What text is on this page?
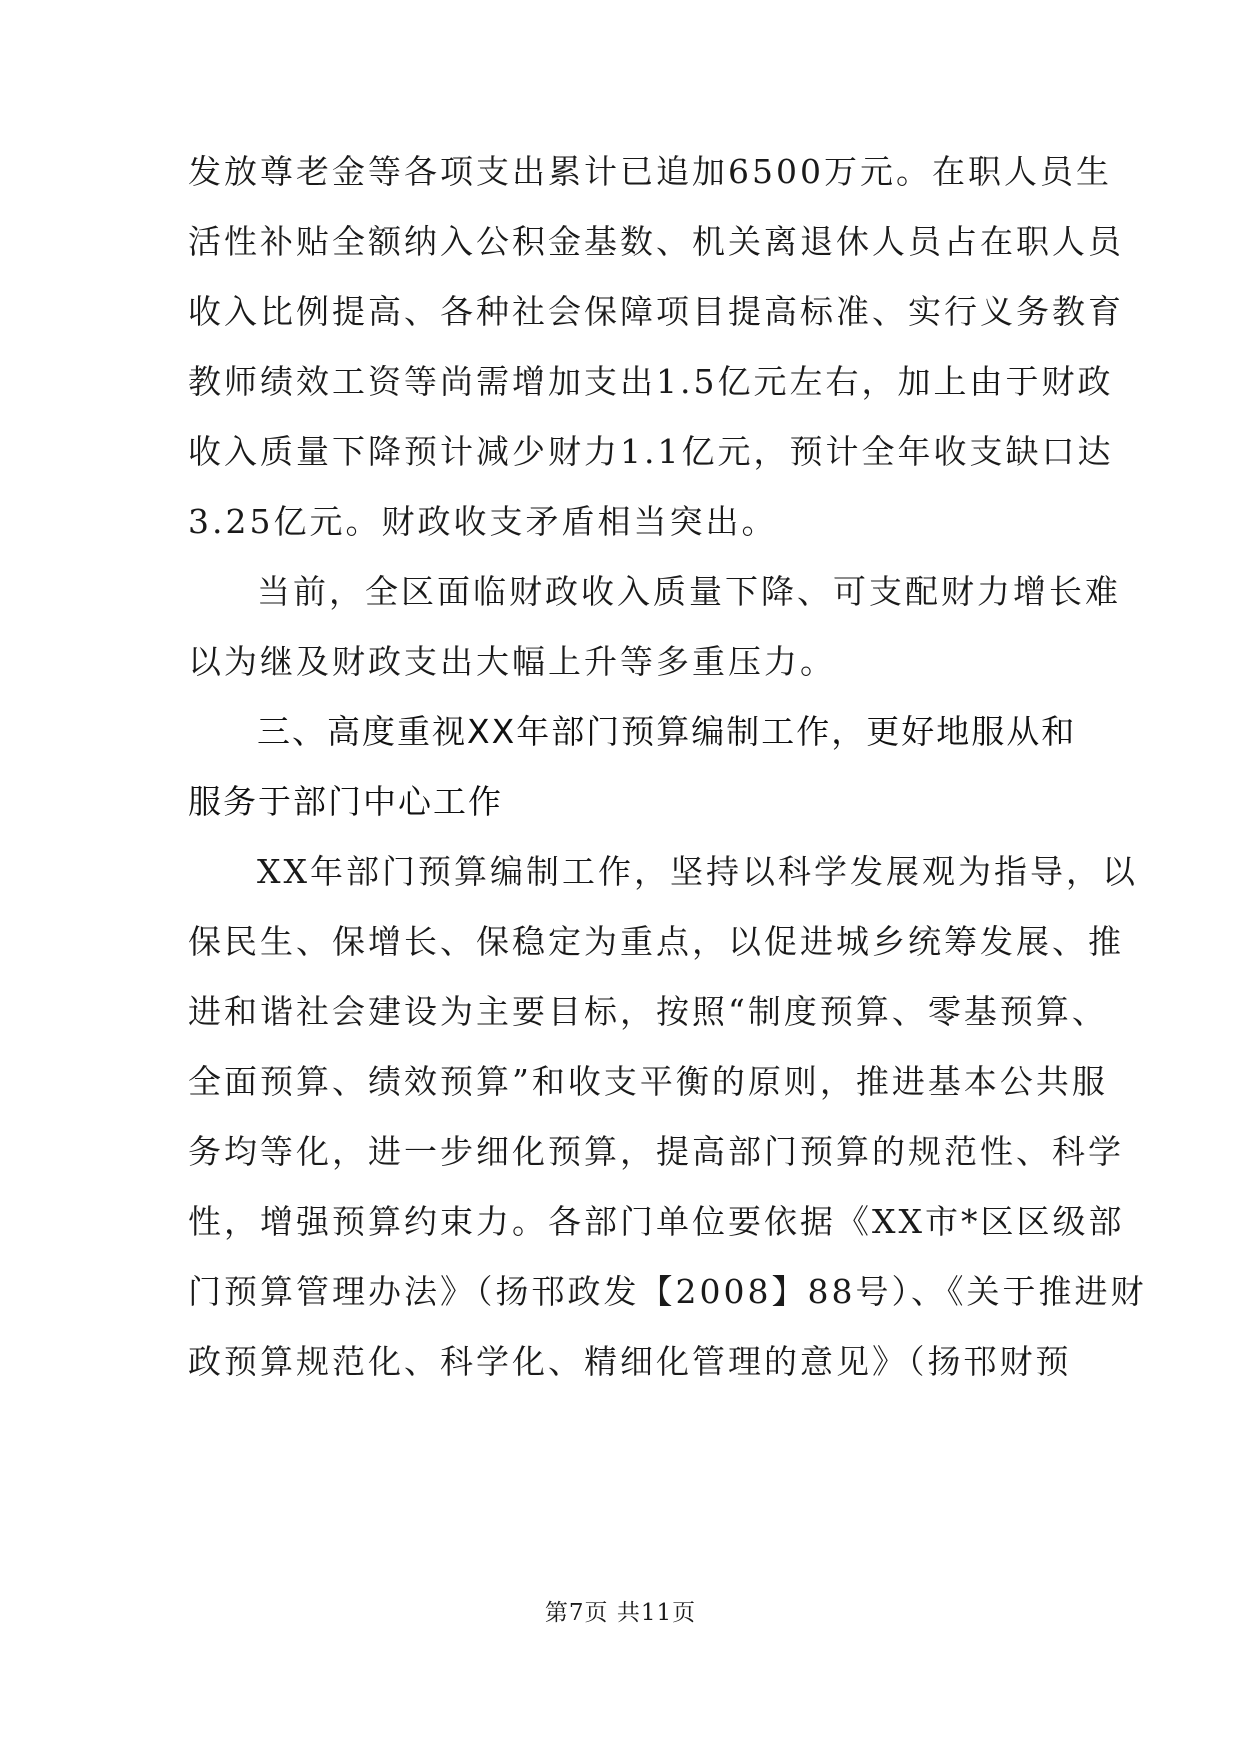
发放尊老金等各项支出累计已追加6500万元。在职人员生
活性补贴全额纳入公积金基数、机关离退休人员占在职人员
收入比例提高、各种社会保障项目提高标准、实行义务教育
教师绩效工资等尚需增加支出1.5亿元左右，加上由于财政
收入质量下降预计减少财力1.1亿元，预计全年收支缺口达
3.25亿元。财政收支矛盾相当突出。
当前，全区面临财政收入质量下降、可支配财力增长难
以为继及财政支出大幅上升等多重压力。
三、高度重视XX年部门预算编制工作，更好地服从和
服务于部门中心工作
XX年部门预算编制工作，坚持以科学发展观为指导，以
保民生、保增长、保稳定为重点，以促进城乡统筹发展、推
进和谐社会建设为主要目标，按照“制度预算、零基预算、
全面预算、绩效预算”和收支平衡的原则，推进基本公共服
务均等化，进一步细化预算，提高部门预算的规范性、科学
性，增强预算约束力。各部门单位要依据《XX市*区区级部
门预算管理办法》（扬邗政发【2008】88号）、《关于推进财
政预算规范化、科学化、精细化管理的意见》（扬邗财预
第7页 共11页
